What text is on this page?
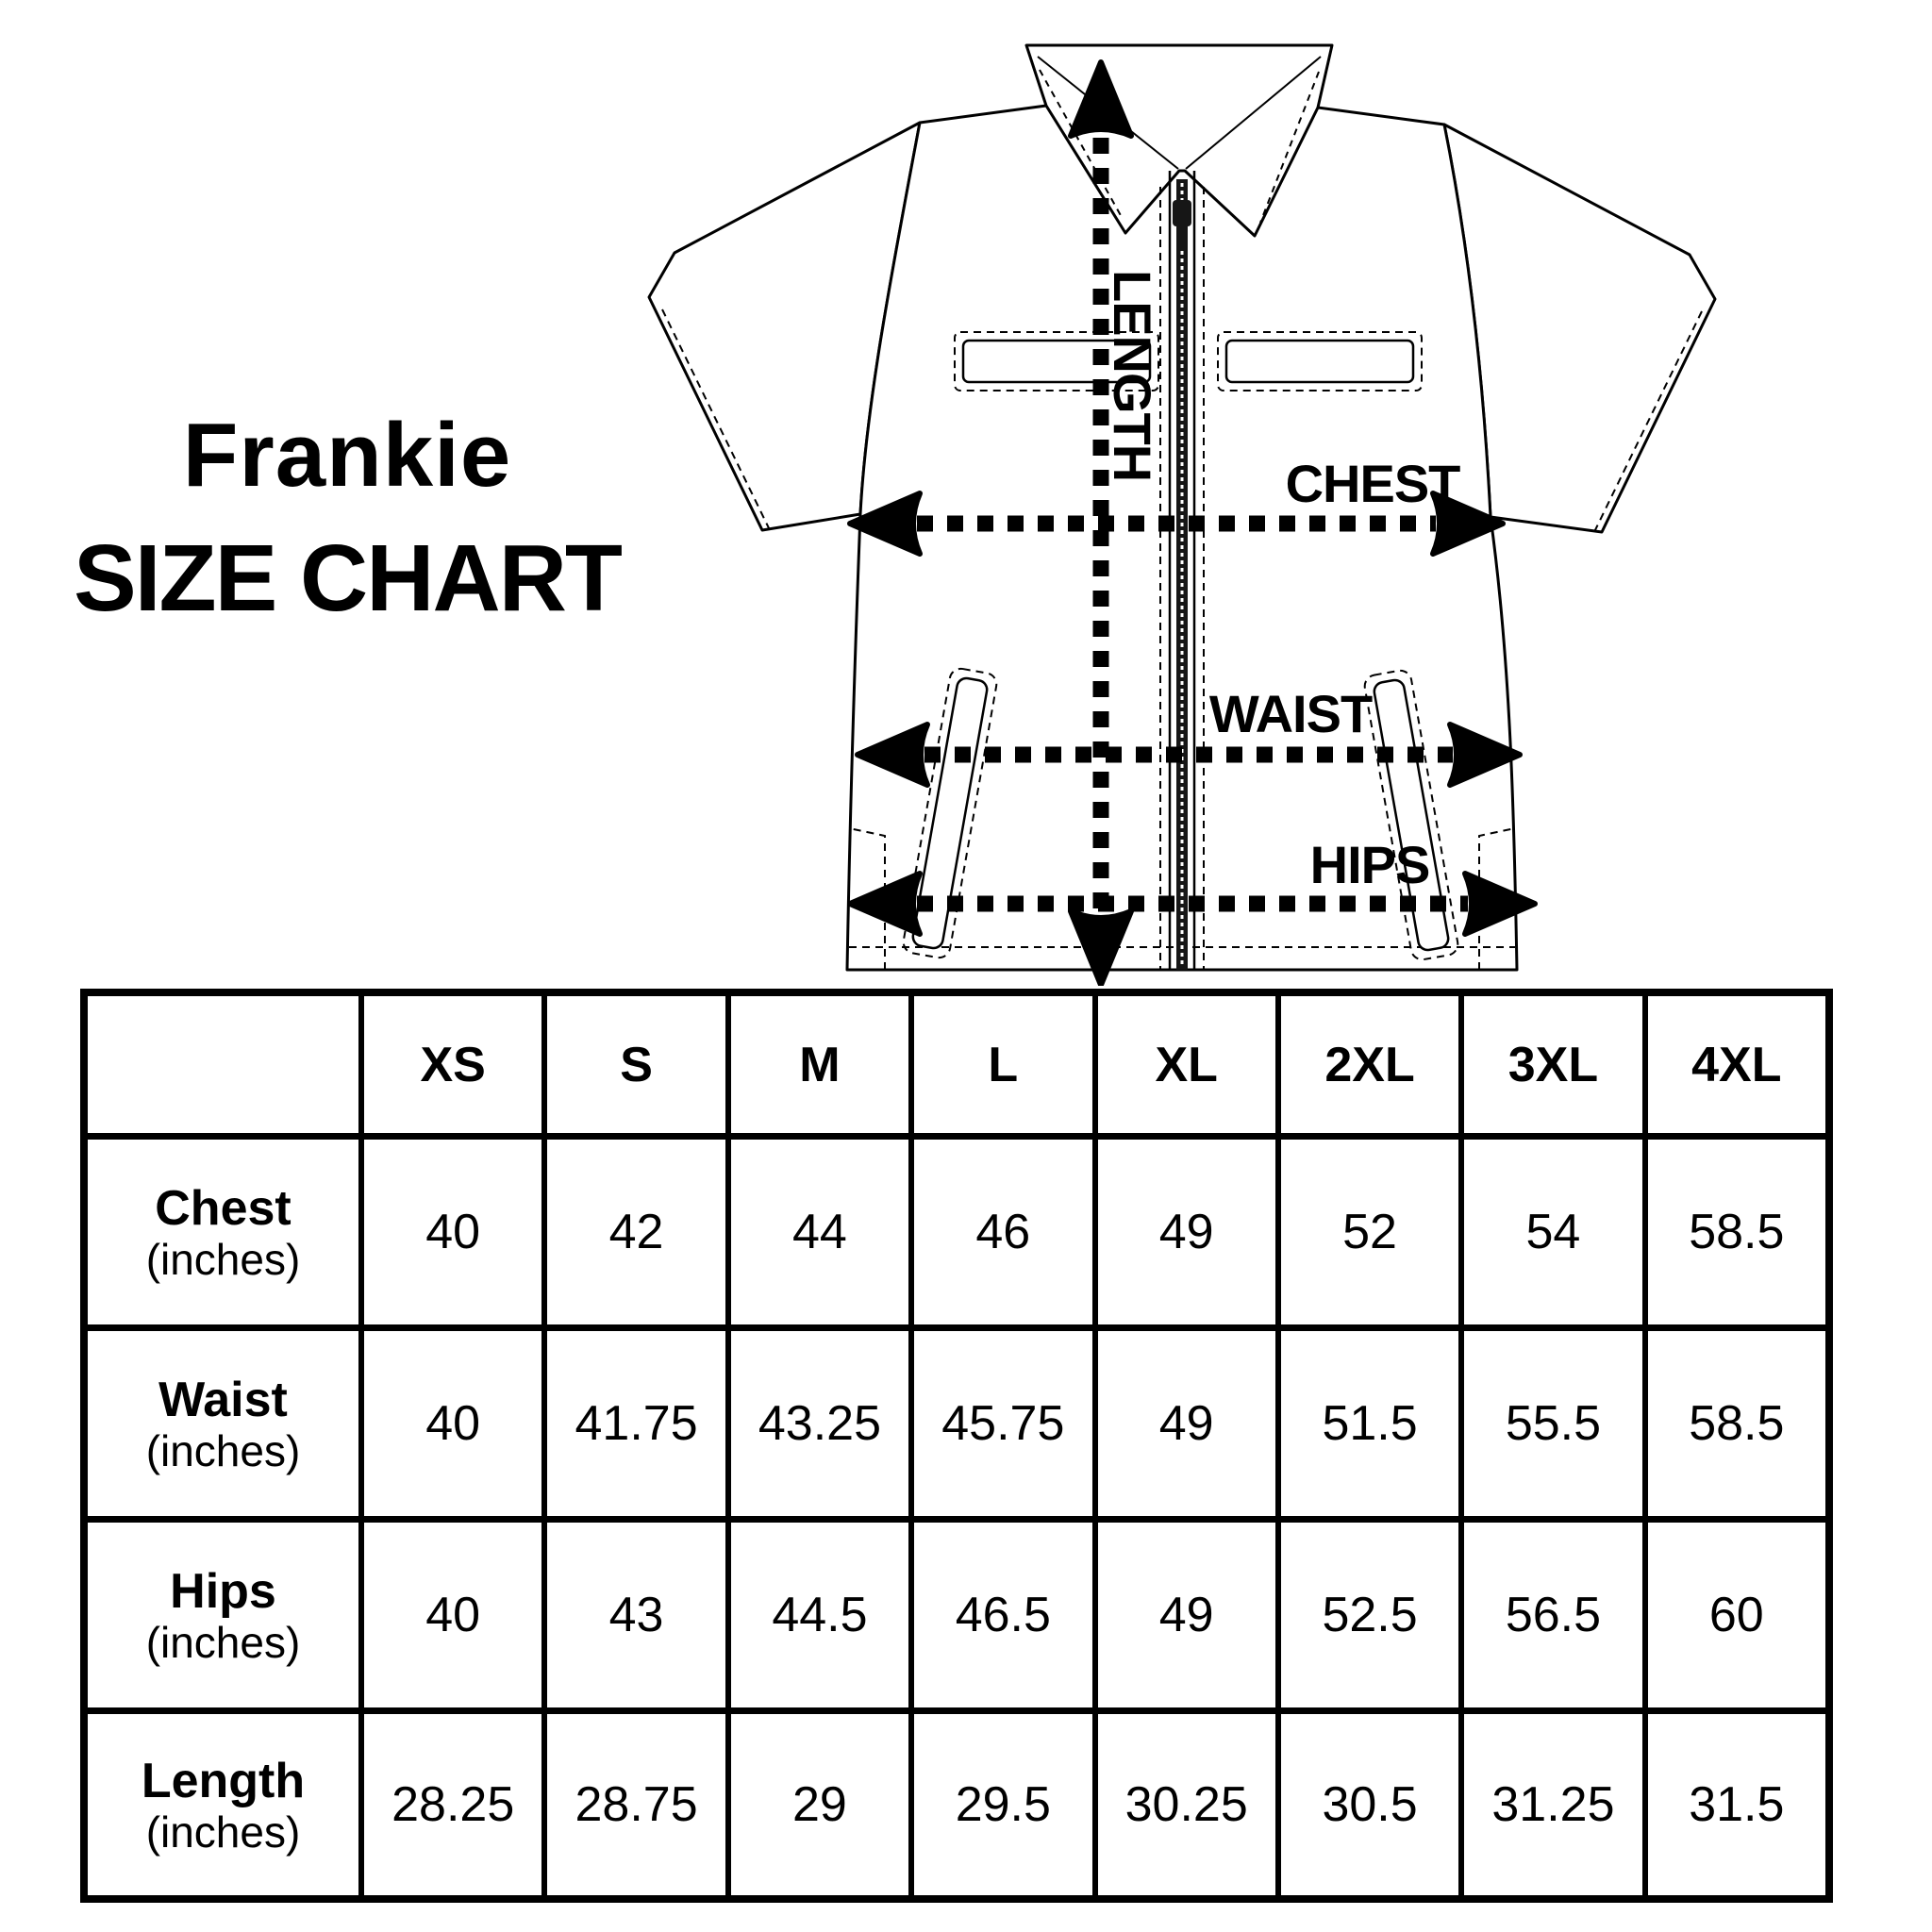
Frankie
SIZE CHART
LENGTH
CHEST
WAIST
HIPS
XS	S	M	L	XL 2XL 3XL 4XL
Chest
(inches)	40	42	44	46	49	52	54 58.5
Waist
(inches)	40 41.75 43.25 45.75 49 51.5 55.5 58.5
Hips
(inches)	40	43 44.5 46.5 49 52.5 56.5 60
Length
(inches) 28.25 28.75 29 29.5 30.25 30.5 31.25 31.5
